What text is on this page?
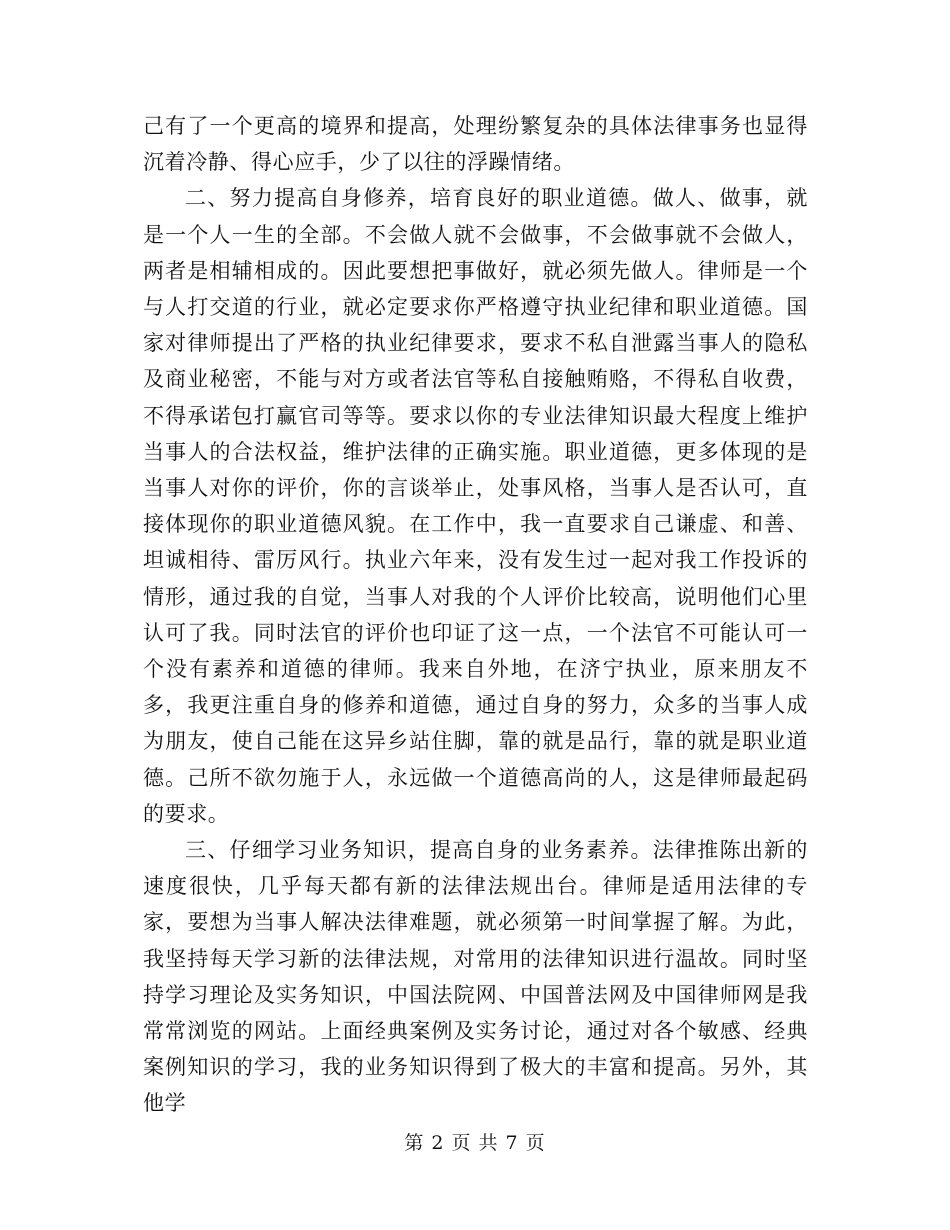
己有了一个更高的境界和提高，处理纷繁复杂的具体法律事务也显得沉着冷静、得心应手，少了以往的浮躁情绪。

二、努力提高自身修养，培育良好的职业道德。做人、做事，就是一个人一生的全部。不会做人就不会做事，不会做事就不会做人，两者是相辅相成的。因此要想把事做好，就必须先做人。律师是一个与人打交道的行业，就必定要求你严格遵守执业纪律和职业道德。国家对律师提出了严格的执业纪律要求，要求不私自泄露当事人的隐私及商业秘密，不能与对方或者法官等私自接触贿赂，不得私自收费，不得承诺包打赢官司等等。要求以你的专业法律知识最大程度上维护当事人的合法权益，维护法律的正确实施。职业道德，更多体现的是当事人对你的评价，你的言谈举止，处事风格，当事人是否认可，直接体现你的职业道德风貌。在工作中，我一直要求自己谦虚、和善、坦诚相待、雷厉风行。执业六年来，没有发生过一起对我工作投诉的情形，通过我的自觉，当事人对我的个人评价比较高，说明他们心里认可了我。同时法官的评价也印证了这一点，一个法官不可能认可一个没有素养和道德的律师。我来自外地，在济宁执业，原来朋友不多，我更注重自身的修养和道德，通过自身的努力，众多的当事人成为朋友，使自己能在这异乡站住脚，靠的就是品行，靠的就是职业道德。己所不欲勿施于人，永远做一个道德高尚的人，这是律师最起码的要求。

三、仔细学习业务知识，提高自身的业务素养。法律推陈出新的速度很快，几乎每天都有新的法律法规出台。律师是适用法律的专家，要想为当事人解决法律难题，就必须第一时间掌握了解。为此，我坚持每天学习新的法律法规，对常用的法律知识进行温故。同时坚持学习理论及实务知识，中国法院网、中国普法网及中国律师网是我常常浏览的网站。上面经典案例及实务讨论，通过对各个敏感、经典案例知识的学习，我的业务知识得到了极大的丰富和提高。另外，其他学

第 2 页 共 7 页
